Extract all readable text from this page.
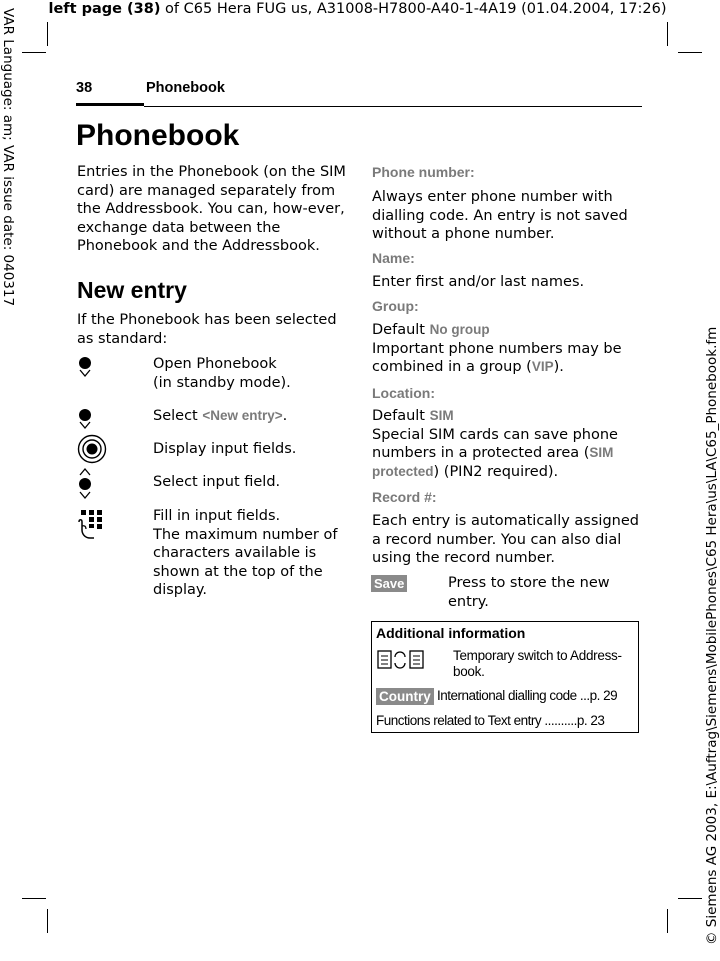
left page (38) of C65 Hera FUG us, A31008-H7800-A40-1-4A19 (01.04.2004, 17:26)
VAR Language: am; VAR issue date: 040317
© Siemens AG 2003, E:\Auftrag\Siemens\MobilePhones\C65 Hera\us\LA\C65_Phonebook.fm
38	Phonebook
Phonebook
Entries in the Phonebook (on the SIM card) are managed separately from the Addressbook. You can, how-ever, exchange data between the Phonebook and the Addressbook.
New entry
If the Phonebook has been selected as standard:
Open Phonebook
(in standby mode).
Select <New entry>.
Display input fields.
Select input field.
Fill in input fields.
The maximum number of characters available is shown at the top of the display.
Phone number:
Always enter phone number with dialling code. An entry is not saved without a phone number.
Name:
Enter first and/or last names.
Group:
Default No group
Important phone numbers may be combined in a group (VIP).
Location:
Default SIM
Special SIM cards can save phone numbers in a protected area (SIM protected) (PIN2 required).
Record #:
Each entry is automatically assigned a record number. You can also dial using the record number.
Save	Press to store the new entry.
Additional information
Temporary switch to Address-book.
Country International dialling code ...p. 29
Functions related to Text entry ..........p. 23
